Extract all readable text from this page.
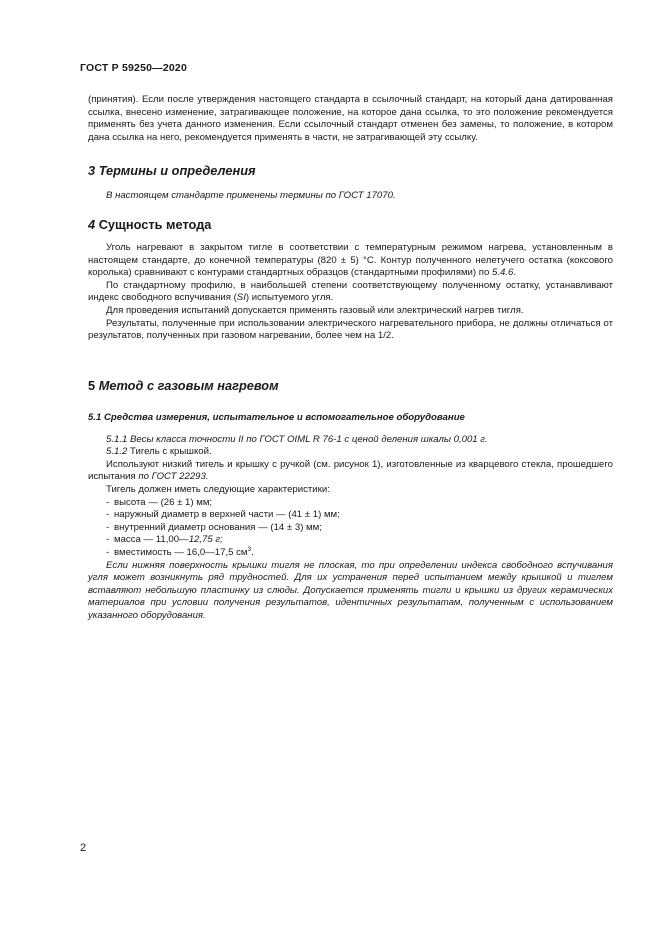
ГОСТ Р 59250—2020

(принятия). Если после утверждения настоящего стандарта в ссылочный стандарт, на который дана датированная ссылка, внесено изменение, затрагивающее положение, на которое дана ссылка, то это положение рекомендуется применять без учета данного изменения. Если ссылочный стандарт отменен без замены, то положение, в котором дана ссылка на него, рекомендуется применять в части, не затрагивающей эту ссылку.

3 Термины и определения

В настоящем стандарте применены термины по ГОСТ 17070.

4 Сущность метода

Уголь нагревают в закрытом тигле в соответствии с температурным режимом нагрева, установленным в настоящем стандарте, до конечной температуры (820 ± 5) °С. Контур полученного нелетучего остатка (коксового королька) сравнивают с контурами стандартных образцов (стандартными профилями) по 5.4.6.

По стандартному профилю, в наибольшей степени соответствующему полученному остатку, устанавливают индекс свободного вспучивания (SI) испытуемого угля.

Для проведения испытаний допускается применять газовый или электрический нагрев тигля.

Результаты, полученные при использовании электрического нагревательного прибора, не должны отличаться от результатов, полученных при газовом нагревании, более чем на 1/2.

5 Метод с газовым нагревом

5.1 Средства измерения, испытательное и вспомогательное оборудование

5.1.1 Весы класса точности II по ГОСТ OIML R 76-1 с ценой деления шкалы 0,001 г.

5.1.2 Тигель с крышкой.

Используют низкий тигель и крышку с ручкой (см. рисунок 1), изготовленные из кварцевого стекла, прошедшего испытания по ГОСТ 22293.

Тигель должен иметь следующие характеристики:

- высота — (26 ± 1) мм;
- наружный диаметр в верхней части — (41 ± 1) мм;
- внутренний диаметр основания — (14 ± 3) мм;
- масса — 11,00—12,75 г;
- вместимость — 16,0—17,5 $см^3$.

Если нижняя поверхность крышки тигля не плоская, то при определении индекса свободного вспучивания угля может возникнуть ряд трудностей. Для их устранения перед испытанием между крышкой и тиглем вставляют небольшую пластинку из слюды. Допускается применять тигли и крышки из других керамических материалов при условии получения результатов, идентичных результатам, полученным с использованием указанного оборудования.

2
